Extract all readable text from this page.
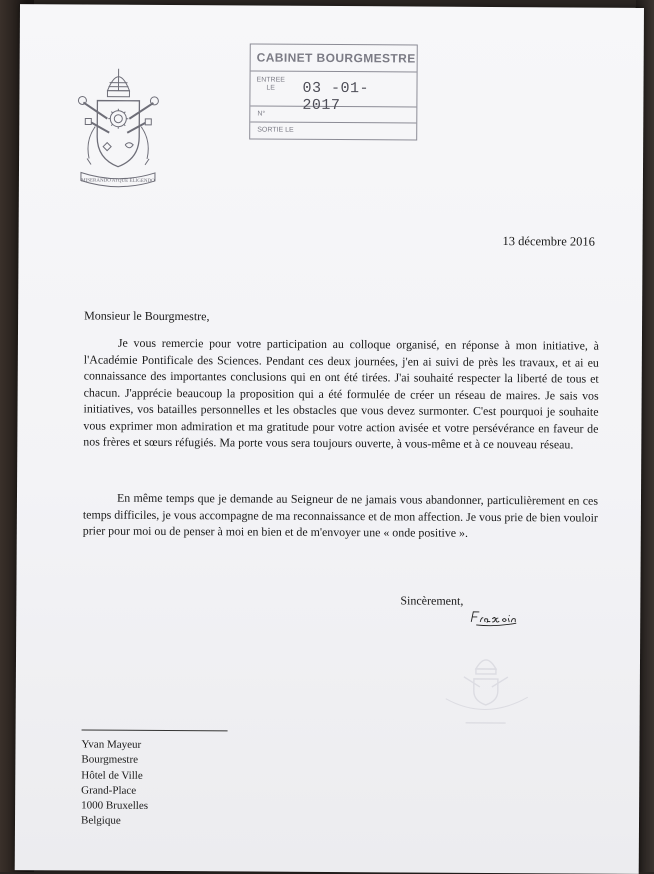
MISERANDO ATQUE ELIGENDO
CABINET BOURGMESTRE
ENTREE
LE	03 -01- 2017
N°
SORTIE LE
13 décembre 2016
Monsieur le Bourgmestre,

Je vous remercie pour votre participation au colloque organisé, en réponse à mon initiative, à l'Académie Pontificale des Sciences. Pendant ces deux journées, j'en ai suivi de près les travaux, et ai eu connaissance des importantes conclusions qui en ont été tirées. J'ai souhaité respecter la liberté de tous et chacun. J'apprécie beaucoup la proposition qui a été formulée de créer un réseau de maires. Je sais vos initiatives, vos batailles personnelles et les obstacles que vous devez surmonter. C'est pourquoi je souhaite vous exprimer mon admiration et ma gratitude pour votre action avisée et votre persévérance en faveur de nos frères et sœurs réfugiés. Ma porte vous sera toujours ouverte, à vous-même et à ce nouveau réseau.

En même temps que je demande au Seigneur de ne jamais vous abandonner, particulièrement en ces temps difficiles, je vous accompagne de ma reconnaissance et de mon affection. Je vous prie de bien vouloir prier pour moi ou de penser à moi en bien et de m'envoyer une « onde positive ».

Sincèrement,
Yvan Mayeur
Bourgmestre
Hôtel de Ville
Grand-Place
1000 Bruxelles
Belgique
